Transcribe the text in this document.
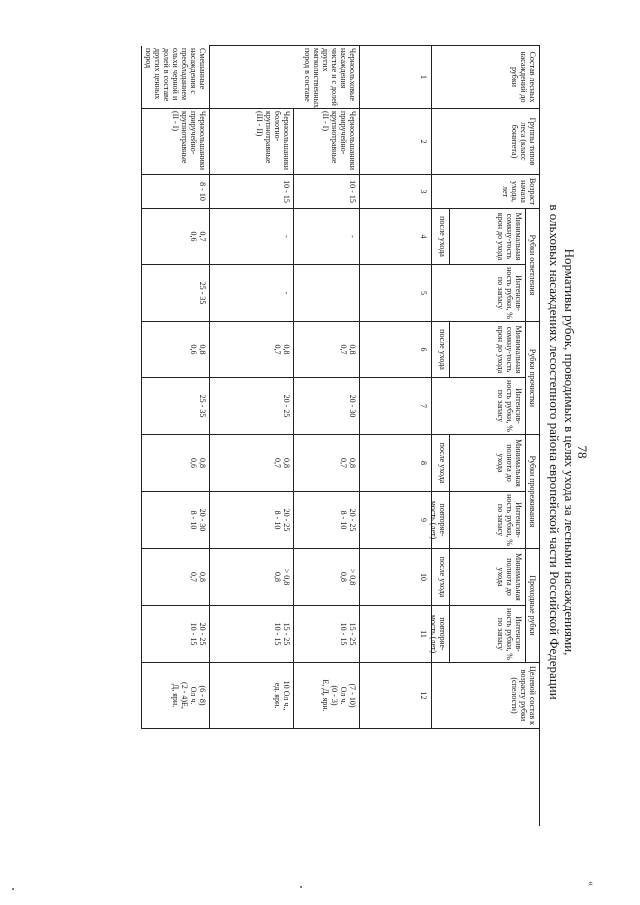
78
Нормативы рубок, проводимых в целях ухода за лесными насаждениями,
в ольховых насаждениях лесостепного района европейской части Российской Федерации
Состав лесных насаждений до рубки
Группы типов леса (класс бонитета)
Возраст начала ухода, лет
Рубки осветления
Рубки прочистки
Рубки прореживания
Проходные рубки
Целевой состав к возрасту рубки (спелости)
Минимальная сомкну-тость крон до ухода
Интенсив-ность рубки, % по запасу
Минимальная сомкну-тость крон до ухода
Интенсив-ность рубки, % по запасу
Минимальная полнота до ухода
Интенсив-ность рубки, % по запасу
Минимальная полнота до ухода
Интенсив-ность рубки, % по запасу
после ухода
после ухода
после ухода
повторяе-мость (лет)
после ухода
повторяе-мость (лет)
1
2
3
4
5
6
7
8
9
10
11
12
Черноольховые насаждения чистые и с долей других мягколиственных пород в составе
Черноольшаники приручейно-крупнотравные (II - I)
10 - 15
-
0,8
0,7
20 - 30
0,8
0,7
20 - 25
8 - 10
> 0,8
0,8
15 - 25
10 - 15
(7 - 10)
Ол ч.
(0 - 3)
Е, Д, ярн.
Черноольшаники болотно-крупнотравные (III - II)
10 - 15
-
-
0,8
0,7
20 - 25
0,8
0,7
20 - 25
8 - 10
> 0,8
0,8
15 - 25
10 - 15
10 Ол ч.,
ед. ярн.
Смешанные насаждения с преобладанием ольхи черной и долей в составе других ценных пород
Черноольшаники приручейно-крупнотравные (II - I)
8 - 10
0,7
0,6
25 - 35
0,8
0,6
25 - 35
0,8
0,6
20 - 30
8 - 10
0,8
0,7
20 - 25
10 - 15
(6 - 8)
Ол ч.
(2 - 4)Е,
Д, ярн.
«
